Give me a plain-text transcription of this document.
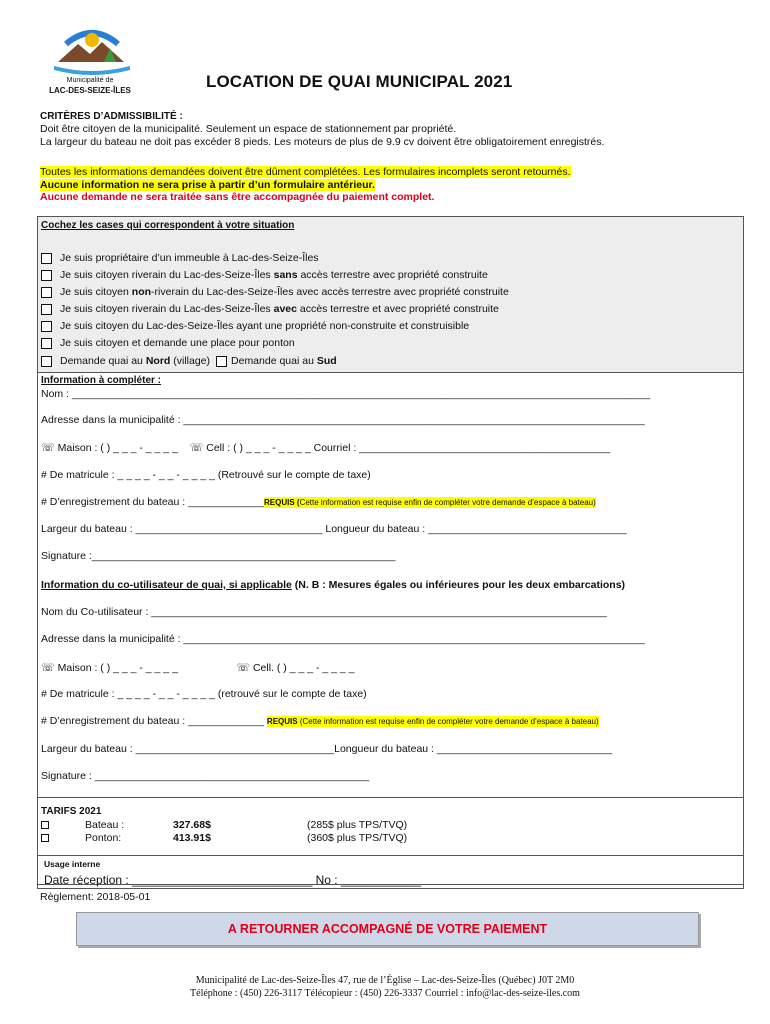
Municipalité de
LAC-DES-SEIZE-ÎLES	LOCATION DE QUAI MUNICIPAL 2021
CRITÈRES D’ADMISSIBILITÉ :
Doit être citoyen de la municipalité. Seulement un espace de stationnement par propriété.
La largeur du bateau ne doit pas excéder 8 pieds. Les moteurs de plus de 9.9 cv doivent être obligatoirement enregistrés.
Toutes les informations demandées doivent être dûment complétées. Les formulaires incomplets seront retournés.
Aucune information ne sera prise à partir d’un formulaire antérieur.
Aucune demande ne sera traitée sans être accompagnée du paiement complet.
Cochez les cases qui correspondent à votre situation
Je suis propriétaire d’un immeuble à Lac-des-Seize-Îles
Je suis citoyen riverain du Lac-des-Seize-Îles
sans
accès terrestre avec propriété construite
Je suis citoyen
non -riverain du Lac-des-Seize-Îles avec accès terrestre avec propriété construite
Je suis citoyen riverain du Lac-des-Seize-Îles
avec
accès terrestre et avec propriété construite
Je suis citoyen du Lac-des-Seize-Îles ayant une propriété non-construite et construisible
Je suis citoyen et demande une place pour ponton
Demande quai au
Nord
(village) Demande quai au
Sud
Information à compléter :
Nom : ___________________________________________________________________________________________________
Adresse dans la municipalité : _______________________________________________________________________________
☏ Maison : ( ) _ _ _ - _ _ _ _ ☏ Cell : ( ) _ _ _ - _ _ _ _ Courriel : ___________________________________________
# De matricule : _ _ _ _ - _ _ - _ _ _ _ (Retrouvé sur le compte de taxe)
# D’enregistrement du bateau : _____________REQUIS (Cette information est requise enfin de compléter votre demande d’espace à bateau)
Largeur du bateau : ________________________________ Longueur du bateau : __________________________________
Signature :____________________________________________________
Information du co-utilisateur de quai, si applicable (N. B : Mesures égales ou inférieures pour les deux embarcations)
Nom du Co-utilisateur : ______________________________________________________________________________
Adresse dans la municipalité : _______________________________________________________________________________
☏ Maison : ( ) _ _ _ - _ _ _ _	☏ Cell. ( ) _ _ _ - _ _ _ _
# De matricule : _ _ _ _ - _ _ - _ _ _ _ (retrouvé sur le compte de taxe)
# D’enregistrement du bateau : _____________ REQUIS (Cette information est requise enfin de compléter votre demande d’espace à bateau)
Largeur du bateau : __________________________________Longueur du bateau : ______________________________
Signature : _______________________________________________
TARIFS 2021
Bateau :	327.68$	(285$ plus TPS/TVQ)
Ponton:	413.91$	(360$ plus TPS/TVQ)
Usage interne
Date réception : ___________________________ No : ____________
Règlement: 2018-05-01
A RETOURNER ACCOMPAGNÉ DE VOTRE PAIEMENT
Municipalité de Lac-des-Seize-Îles 47, rue de l’Église – Lac-des-Seize-Îles (Québec) J0T 2M0
Téléphone : (450) 226-3117 Télécopieur : (450) 226-3337 Courriel : info@lac-des-seize-iles.com
